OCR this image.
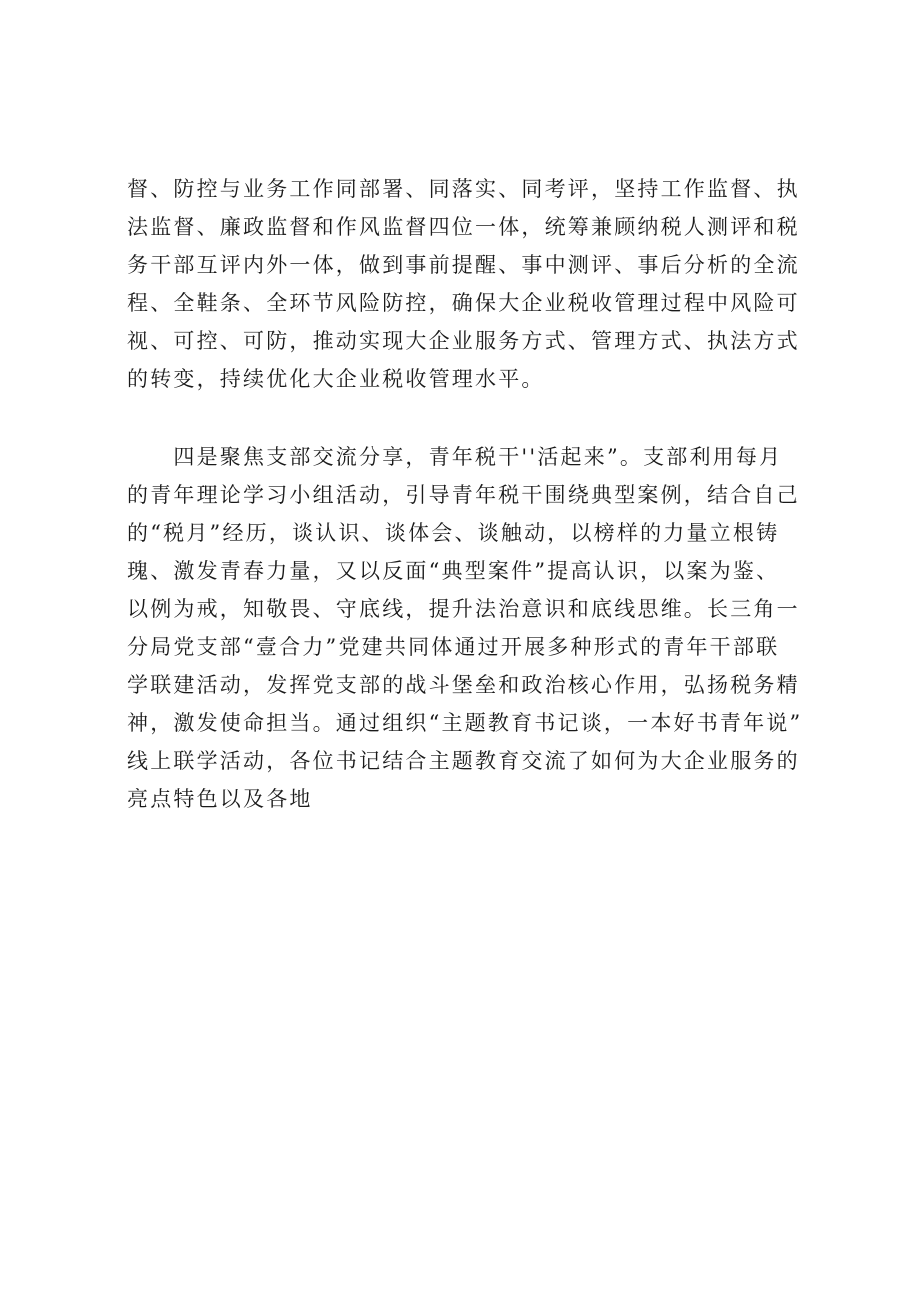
督、防控与业务工作同部署、同落实、同考评，坚持工作监督、执
法监督、廉政监督和作风监督四位一体，统筹兼顾纳税人测评和税
务干部互评内外一体，做到事前提醒、事中测评、事后分析的全流
程、全鞋条、全环节风险防控，确保大企业税收管理过程中风险可
视、可控、可防，推动实现大企业服务方式、管理方式、执法方式
的转变，持续优化大企业税收管理水平。
　　四是聚焦支部交流分享，青年税干''活起来”。支部利用每月
的青年理论学习小组活动，引导青年税干围绕典型案例，结合自己
的“税月”经历，谈认识、谈体会、谈触动，以榜样的力量立根铸
瑰、激发青春力量，又以反面“典型案件”提高认识，以案为鉴、
以例为戒，知敬畏、守底线，提升法治意识和底线思维。长三角一
分局党支部“壹合力”党建共同体通过开展多种形式的青年干部联
学联建活动，发挥党支部的战斗堡垒和政治核心作用，弘扬税务精
神，激发使命担当。通过组织“主题教育书记谈，一本好书青年说”
线上联学活动，各位书记结合主题教育交流了如何为大企业服务的
亮点特色以及各地
